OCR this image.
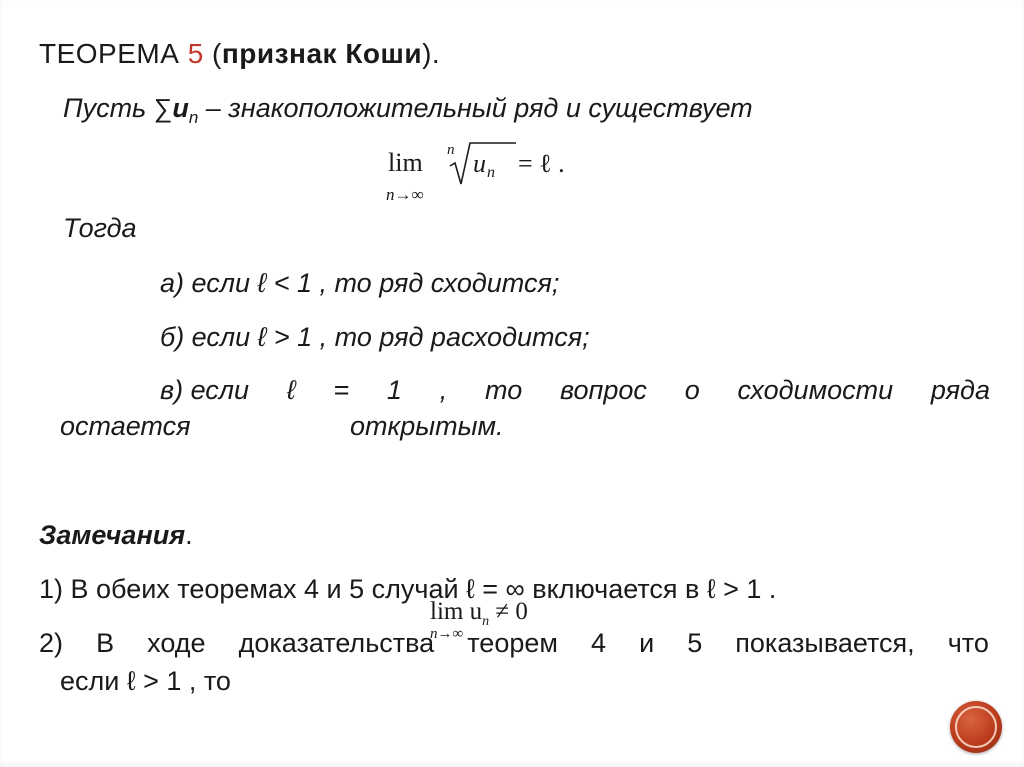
ТЕОРЕМА 5 (признак Коши).
Пусть $\sum u_n$ – знакоположительный ряд и существует
lim
n→∞
n u n = ℓ .
Тогда
а) если ℓ < 1 , то ряд сходится;
б) если ℓ > 1 , то ряд расходится;
в) если ℓ = 1 , то вопрос о сходимости ряда
остается	открытым.
Замечания.
1) В обеих теоремах 4 и 5 случай ℓ = ∞ включается в ℓ > 1 .
2) В ходе доказательства теорем 4 и 5 показывается, что
если ℓ > 1 , то
$\lim u_n \ne 0$
n→∞
